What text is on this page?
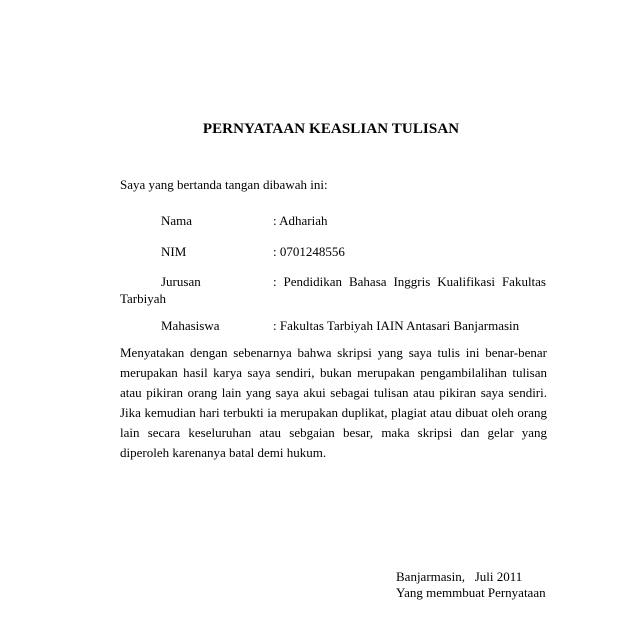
PERNYATAAN KEASLIAN TULISAN
Saya yang bertanda tangan dibawah ini:
Nama	: Adhariah
NIM	: 0701248556
Jurusan	: Pendidikan Bahasa Inggris Kualifikasi Fakultas
Tarbiyah
Mahasiswa	: Fakultas Tarbiyah IAIN Antasari Banjarmasin
Menyatakan dengan sebenarnya bahwa skripsi yang saya tulis ini benar-benar
merupakan hasil karya saya sendiri, bukan merupakan pengambilalihan tulisan
atau pikiran orang lain yang saya akui sebagai tulisan atau pikiran saya sendiri.
Jika kemudian hari terbukti ia merupakan duplikat, plagiat atau dibuat oleh orang
lain secara keseluruhan atau sebgaian besar, maka skripsi dan gelar yang
diperoleh karenanya batal demi hukum.
Banjarmasin,   Juli 2011
Yang memmbuat Pernyataan
